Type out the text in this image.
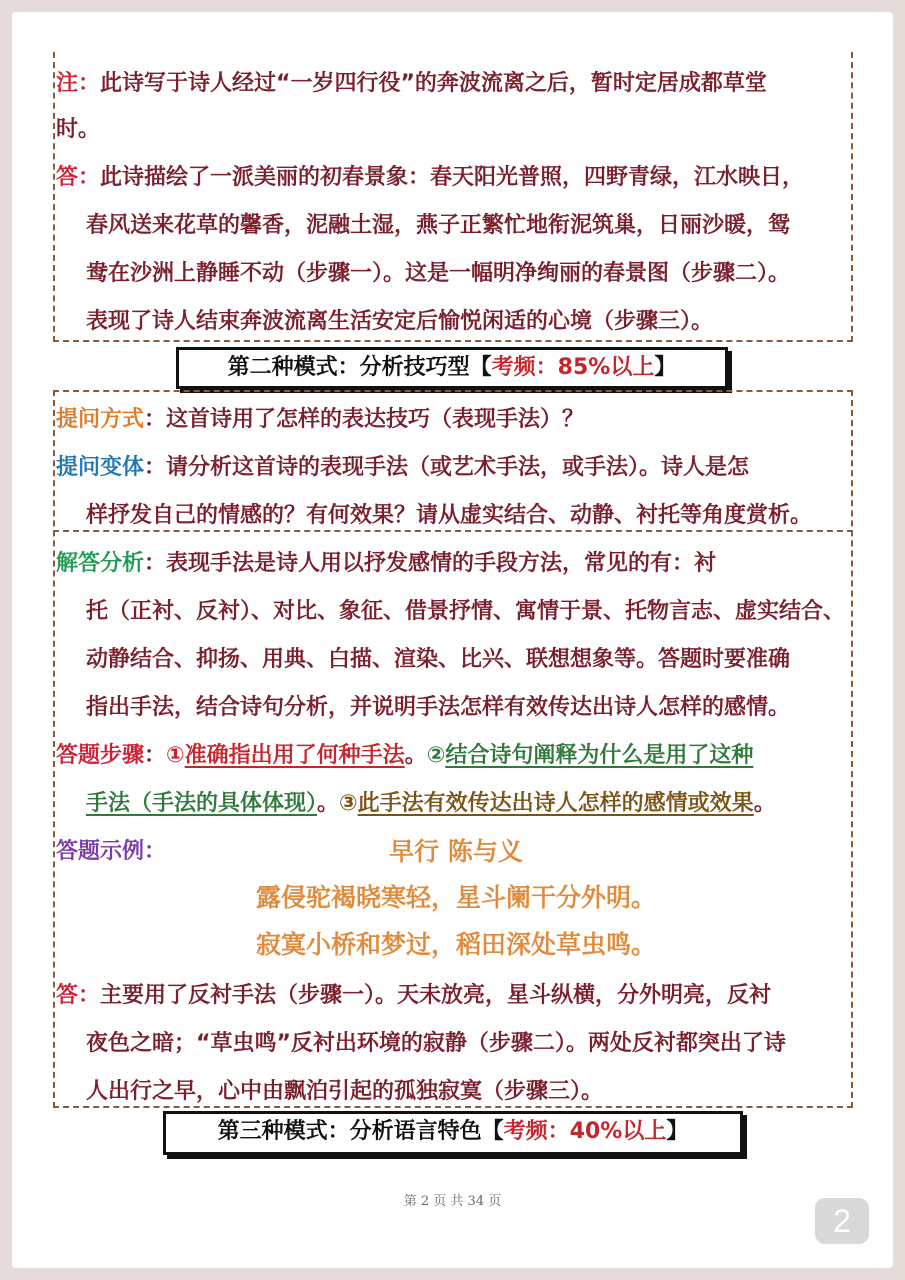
注：此诗写于诗人经过“一岁四行役”的奔波流离之后，暂时定居成都草堂
时。
答：此诗描绘了一派美丽的初春景象：春天阳光普照，四野青绿，江水映日，
春风送来花草的馨香，泥融土湿，燕子正繁忙地衔泥筑巢，日丽沙暖，鸳
鸯在沙洲上静睡不动（步骤一）。这是一幅明净绚丽的春景图（步骤二）。
表现了诗人结束奔波流离生活安定后愉悦闲适的心境（步骤三）。
第二种模式：分析技巧型【考频：85%以上】
提问方式：这首诗用了怎样的表达技巧（表现手法）？
提问变体：请分析这首诗的表现手法（或艺术手法，或手法）。诗人是怎
样抒发自己的情感的？有何效果？请从虚实结合、动静、衬托等角度赏析。
解答分析：表现手法是诗人用以抒发感情的手段方法，常见的有：衬
托（正衬、反衬）、对比、象征、借景抒情、寓情于景、托物言志、虚实结合、
动静结合、抑扬、用典、白描、渲染、比兴、联想想象等。答题时要准确
指出手法，结合诗句分析，并说明手法怎样有效传达出诗人怎样的感情。
答题步骤：①准确指出用了何种手法。②结合诗句阐释为什么是用了这种
手法（手法的具体体现）。③此手法有效传达出诗人怎样的感情或效果。
答题示例：	早行 陈与义
露侵驼褐晓寒轻，星斗阑干分外明。
寂寞小桥和梦过，稻田深处草虫鸣。
答：主要用了反衬手法（步骤一）。天未放亮，星斗纵横，分外明亮，反衬
夜色之暗；“草虫鸣”反衬出环境的寂静（步骤二）。两处反衬都突出了诗
人出行之早，心中由飘泊引起的孤独寂寞（步骤三）。
第三种模式：分析语言特色【考频：40%以上】
第 2 页 共 34 页
2
